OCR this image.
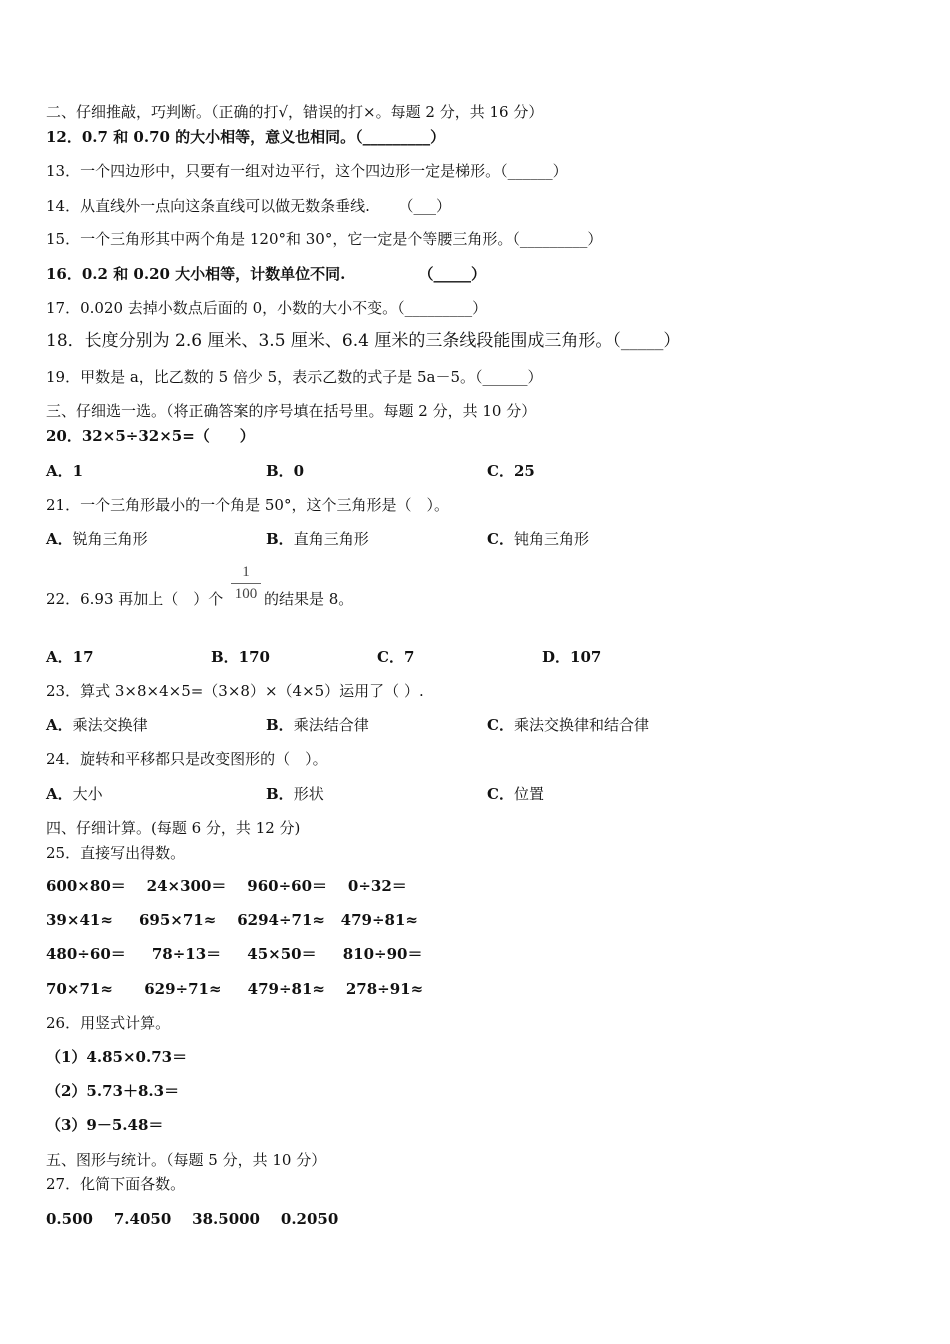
二、仔细推敲，巧判断。（正确的打√，错误的打×。每题 2 分，共 16 分）
12．0.7 和 0.70 的大小相等，意义也相同。（_________）
13．一个四边形中，只要有一组对边平行，这个四边形一定是梯形。（______）
14．从直线外一点向这条直线可以做无数条垂线.      （___）
15．一个三角形其中两个角是 120°和 30°，它一定是个等腰三角形。（_________）
16．0.2 和 0.20 大小相等，计数单位不同.              （_____）
17．0.020 去掉小数点后面的 0，小数的大小不变。（_________）
18．长度分别为 2.6 厘米、3.5 厘米、6.4 厘米的三条线段能围成三角形。（_____）
19．甲数是 a，比乙数的 5 倍少 5，表示乙数的式子是 5a－5。（______）
三、仔细选一选。（将正确答案的序号填在括号里。每题 2 分，共 10 分）
20．32×5÷32×5=（　　）
A．1	B．0	C．25
21．一个三角形最小的一个角是 50°，这个三角形是（　）。
A．锐角三角形	B．直角三角形	C．钝角三角形
22．6.93 再加上（　）个
1
100 的结果是 8。
A．17	B．170	C．7	D．107
23．算式 3×8×4×5=（3×8）×（4×5）运用了（ ）.
A．乘法交换律	B．乘法结合律	C．乘法交换律和结合律
24．旋转和平移都只是改变图形的（　）。
A．大小	B．形状	C．位置
四、仔细计算。(每题 6 分，共 12 分)
25．直接写出得数。
600×80＝    24×300＝    960÷60＝    0÷32＝
39×41≈     695×71≈    6294÷71≈   479÷81≈
480÷60＝     78÷13＝     45×50＝     810÷90＝
70×71≈      629÷71≈     479÷81≈    278÷91≈
26．用竖式计算。
（1）4.85×0.73＝
（2）5.73＋8.3＝
（3）9－5.48＝
五、图形与统计。（每题 5 分，共 10 分）
27．化简下面各数。
0.500    7.4050    38.5000    0.2050
